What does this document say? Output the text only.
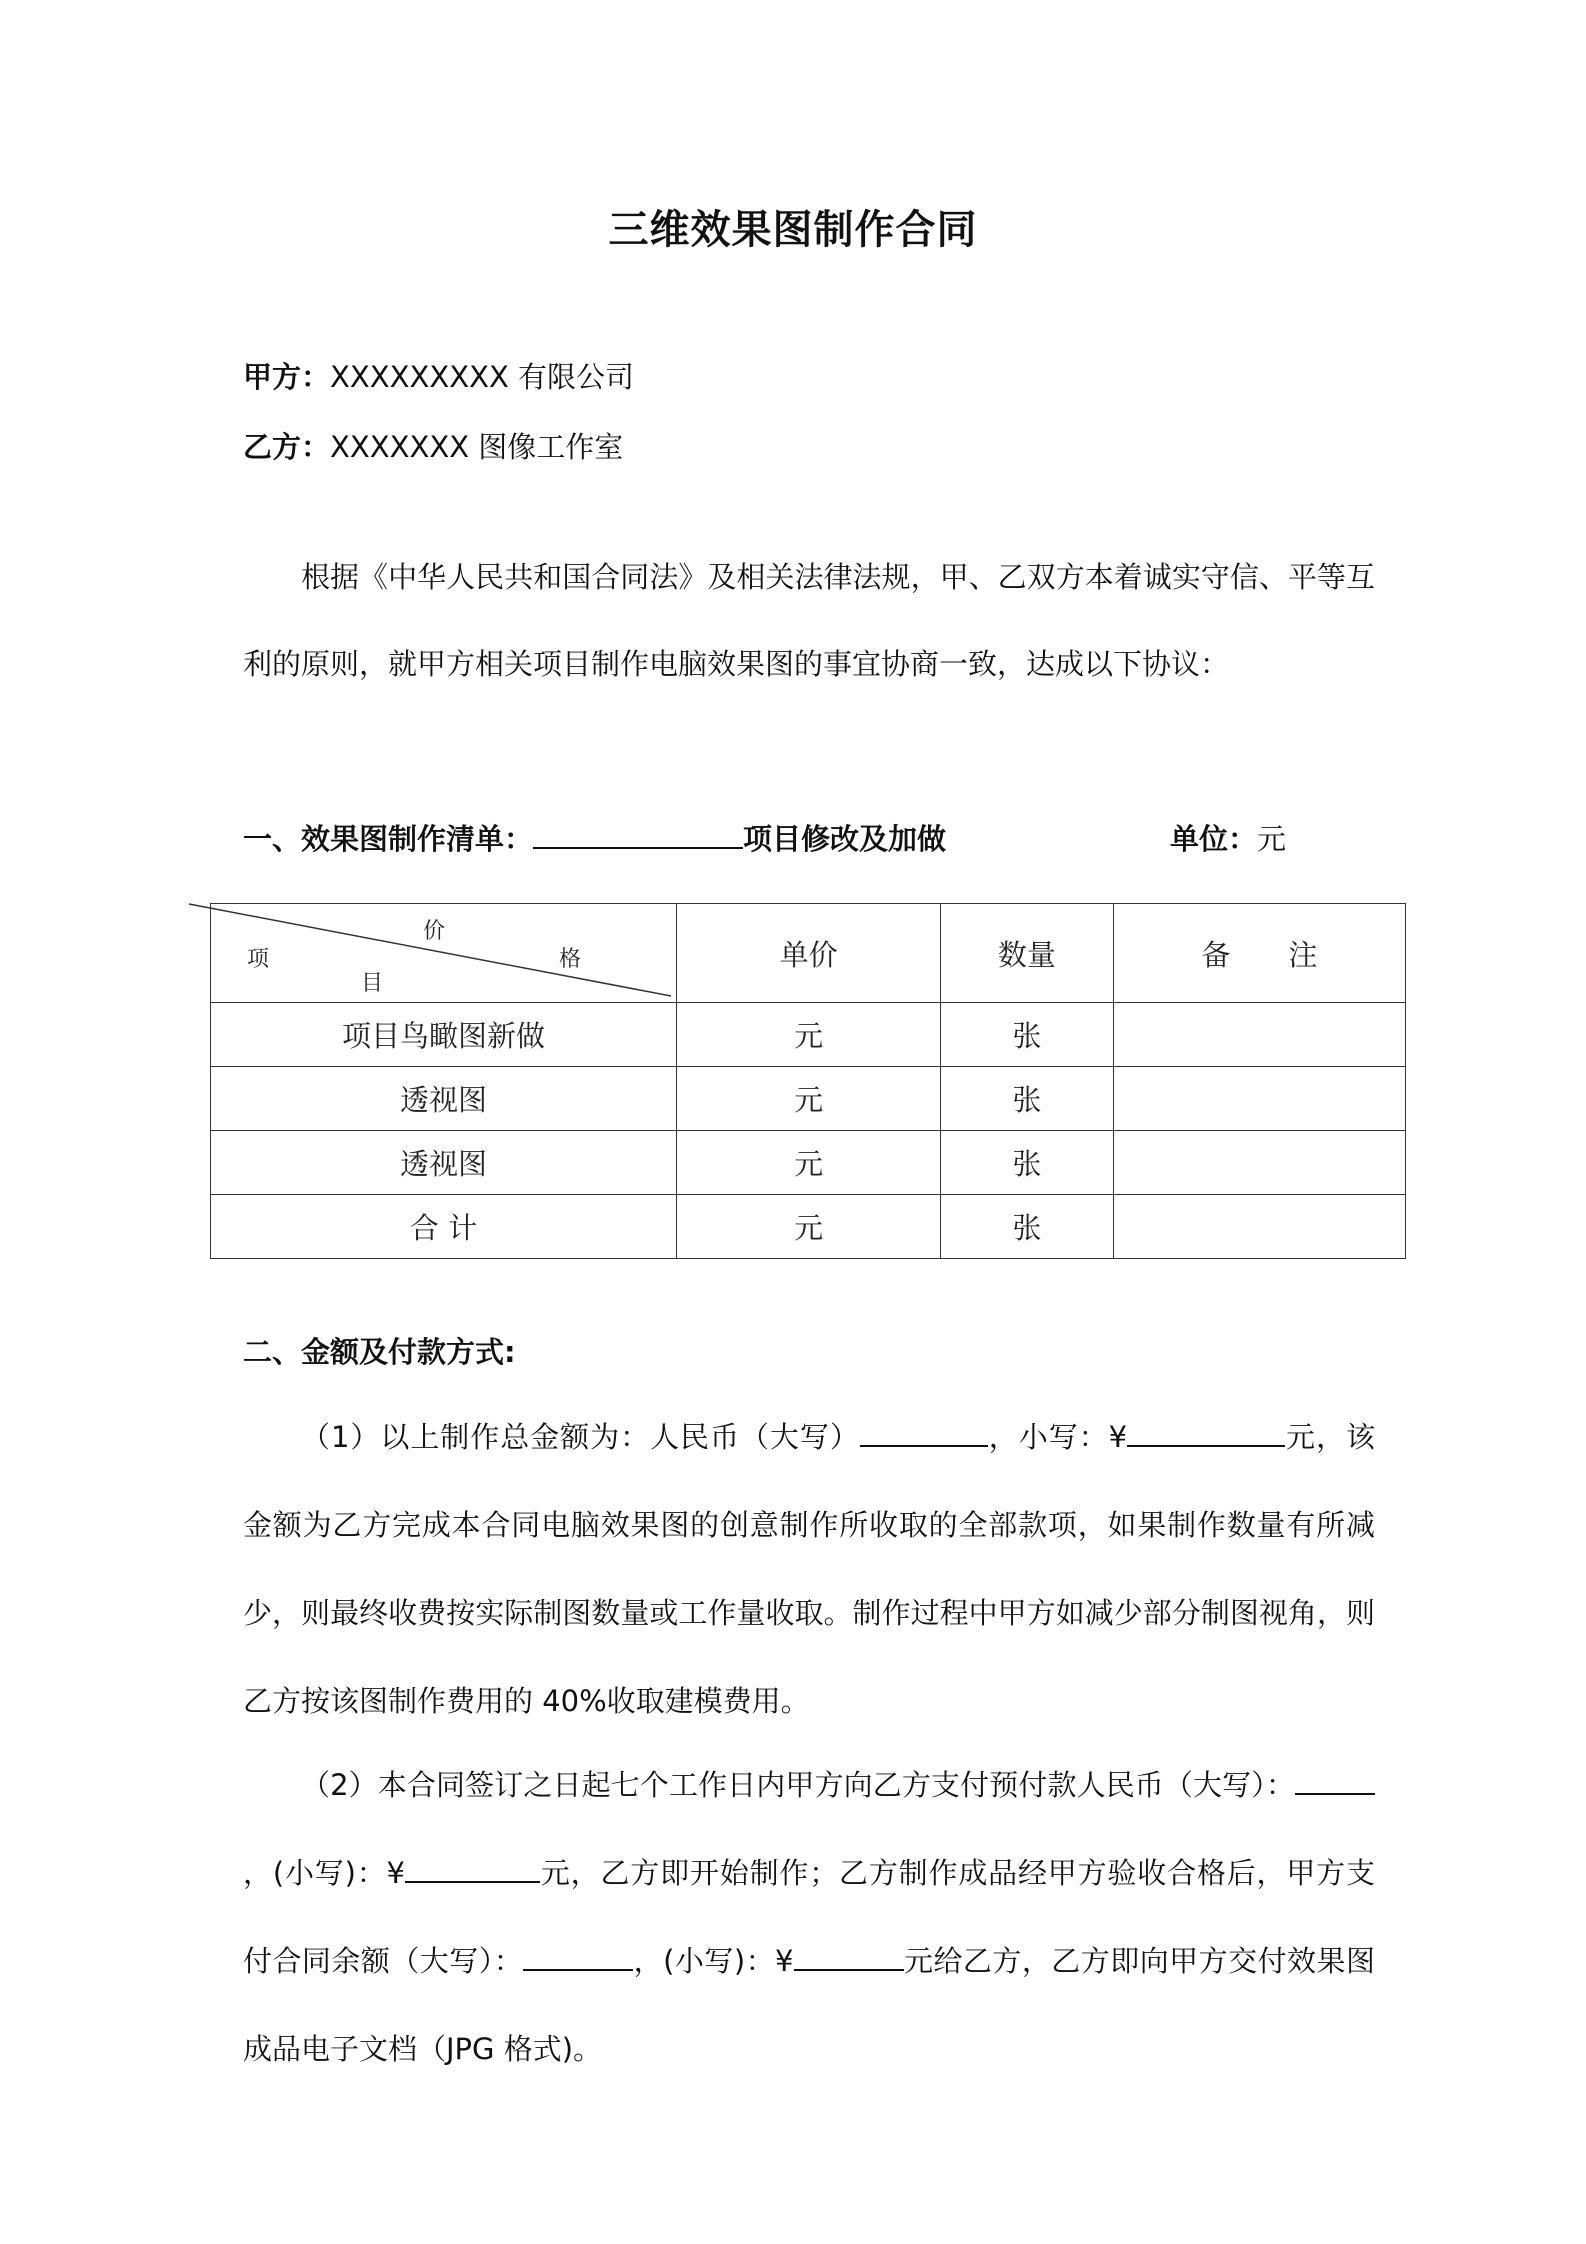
三维效果图制作合同
甲方：XXXXXXXXX 有限公司
乙方：XXXXXXX 图像工作室
根据《中华人民共和国合同法》及相关法律法规，甲、乙双方本着诚实守信、平等互利的原则，就甲方相关项目制作电脑效果图的事宜协商一致，达成以下协议：
一、效果图制作清单：	项目修改及加做	单位：元
价
项 格
目	单价	数量	备　　注
项目鸟瞰图新做	元	张	
透视图	元	张	
透视图	元	张	
合 计	元	张	
二、金额及付款方式:
（1）以上制作总金额为：人民币（大写）	，小写：¥	元，该金额为乙方完成本合同电脑效果图的创意制作所收取的全部款项，如果制作数量有所减少，则最终收费按实际制图数量或工作量收取。制作过程中甲方如减少部分制图视角，则乙方按该图制作费用的 40%收取建模费用。
（2）本合同签订之日起七个工作日内甲方向乙方支付预付款人民币（大写）：，(小写)：¥	元，乙方即开始制作；乙方制作成品经甲方验收合格后，甲方支付合同余额（大写）：	，(小写)：¥	元给乙方，乙方即向甲方交付效果图成品电子文档（JPG 格式)。
